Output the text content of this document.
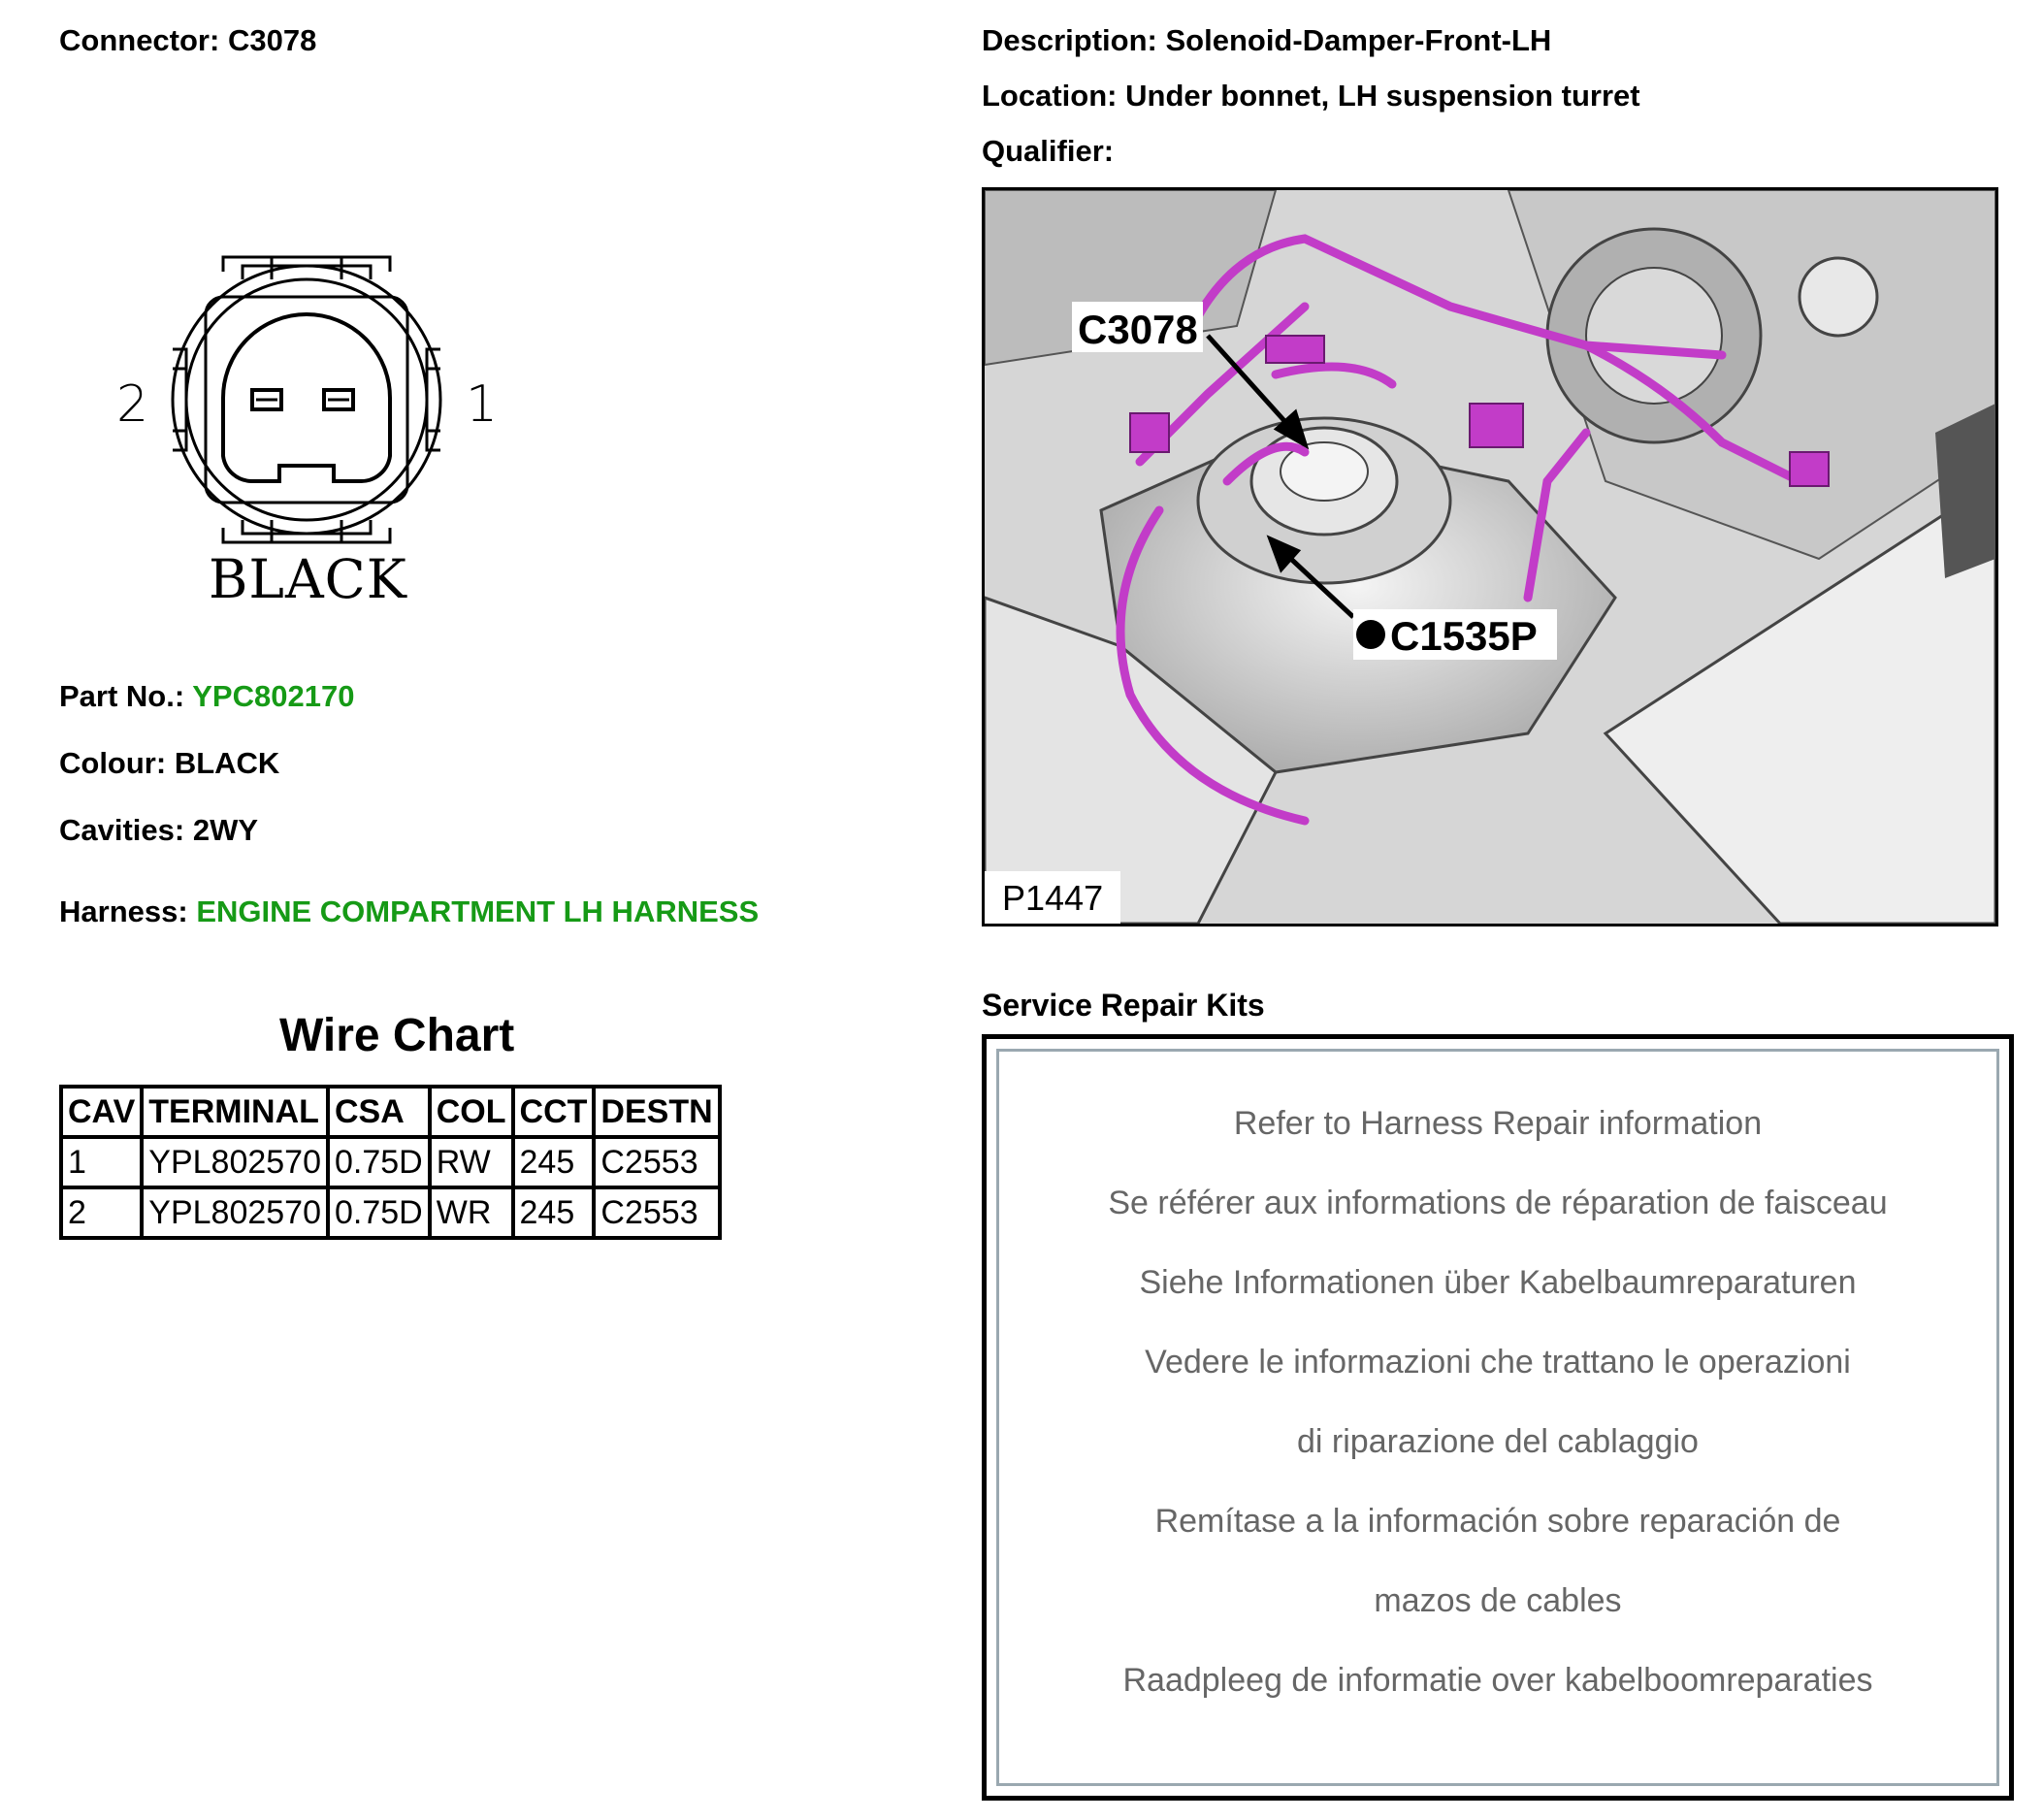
Connector: C3078	Description: Solenoid-Damper-Front-LH
Location: Under bonnet, LH suspension turret
Qualifier:
2	1
BLACK
Part No.: YPC802170
Colour: BLACK
Cavities: 2WY
Harness: ENGINE COMPARTMENT LH HARNESS
Wire Chart
CAV	TERMINAL	CSA	COL	CCT	DESTN
1	YPL802570	0.75D	RW	245	C2553
2	YPL802570	0.75D	WR	245	C2553
C3078
C1535P
P1447
Service Repair Kits
Refer to Harness Repair information
Se référer aux informations de réparation de faisceau
Siehe Informationen über Kabelbaumreparaturen
Vedere le informazioni che trattano le operazioni
di riparazione del cablaggio
Remítase a la información sobre reparación de
mazos de cables
Raadpleeg de informatie over kabelboomreparaties
